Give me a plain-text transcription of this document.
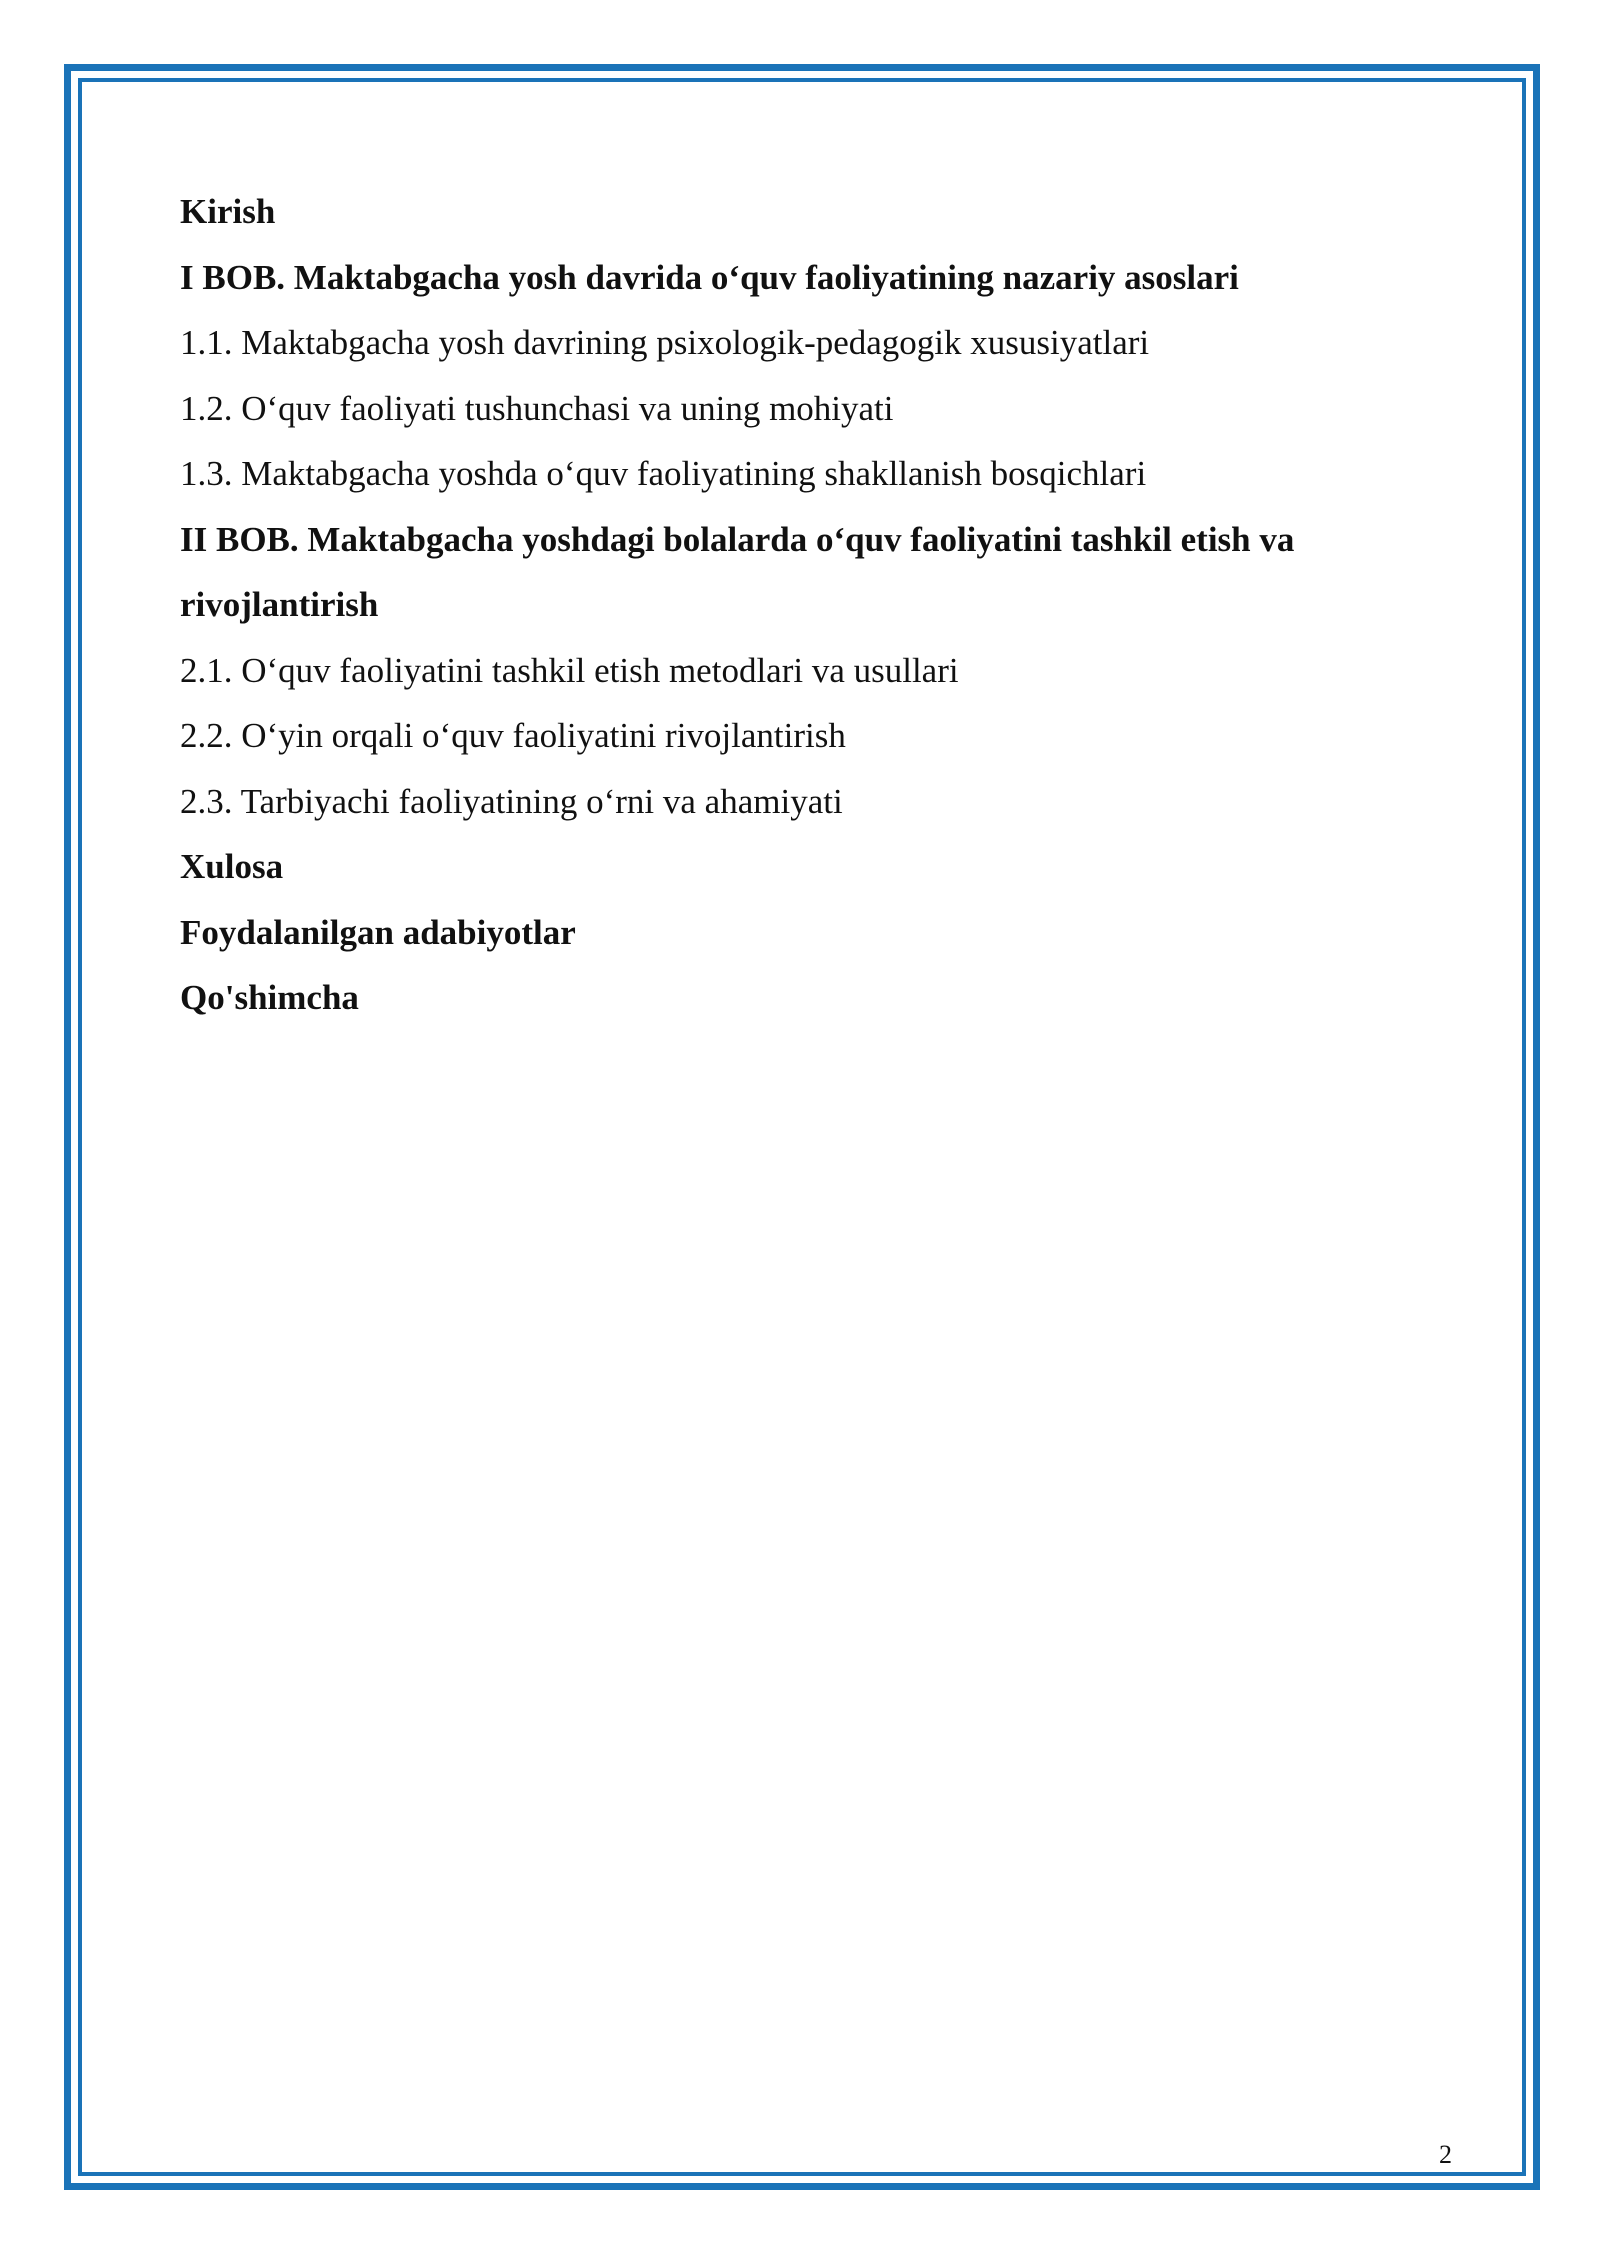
Kirish
I BOB. Maktabgacha yosh davrida o‘quv faoliyatining nazariy asoslari
1.1. Maktabgacha yosh davrining psixologik-pedagogik xususiyatlari
1.2. O‘quv faoliyati tushunchasi va uning mohiyati
1.3. Maktabgacha yoshda o‘quv faoliyatining shakllanish bosqichlari
II BOB. Maktabgacha yoshdagi bolalarda o‘quv faoliyatini tashkil etish va rivojlantirish
2.1. O‘quv faoliyatini tashkil etish metodlari va usullari
2.2. O‘yin orqali o‘quv faoliyatini rivojlantirish
2.3. Tarbiyachi faoliyatining o‘rni va ahamiyati
Xulosa
Foydalanilgan adabiyotlar
Qo'shimcha
2
